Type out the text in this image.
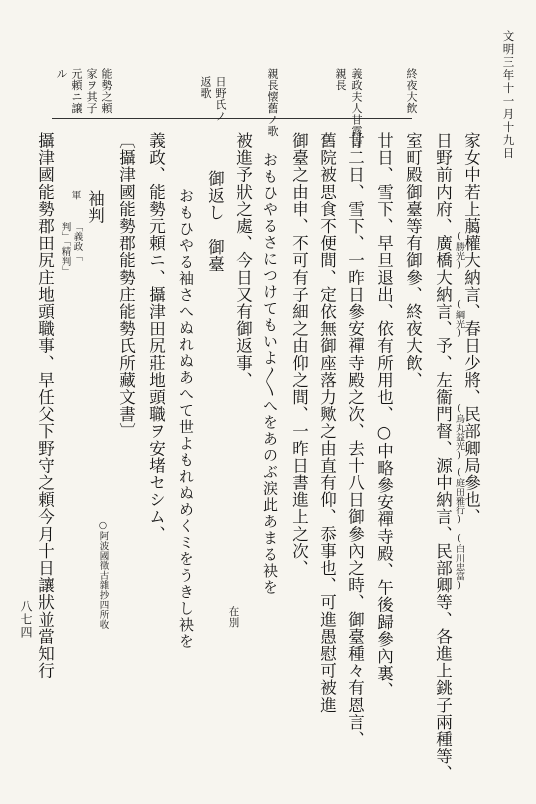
八七四
文明三年十一月十九日
終夜大飲
義政夫人甘露寺
親長
親長懐舊ノ歌
日野氏ノ
返歌
能勢之頼
家ヲ其子
元頼ニ譲
ル
家女中若上﨟權大納言、春日少將、民部卿局參也、
(勝光)
(綱光)
(烏丸益光)
(庭田雅行)
(白川忠富)
日野前内府、廣橋大納言、予、左衞門督、源中納言、民部卿等、各進上銚子兩種等、
室町殿御臺等有御參、終夜大飲、
廿日、雪下、早旦退出、依有所用也、○中略參安禪寺殿、午後歸參內裏、
廿二日、雪下、一昨日參安禪寺殿之次、去十八日御參內之時、御臺種々有恩言、
舊院被思食不便間、定依無御座落力歟之由直有仰、忝事也、可進愚慰可被進
御臺之由申、不可有子細之由仰之間、一昨日書進上之次、
おもひやるさにつけてもいよ〳〵へをあのぶ涙此あまる袂を
被進予狀之處、今日又有御返事、
在別
御返し　御臺
おもひやる袖さへぬれぬあへて世よもれぬめくミをうきし袂を
義政、能勢元頼ニ、攝津田尻莊地頭職ヲ安堵セシム、
〔攝津國能勢郡能勢庄能勢氏所藏文書〕
○阿波國徵古雜抄四所收
袖判
軍
「義政「
判」「精判」
攝津國能勢郡田尻庄地頭職事、早任父下野守之頼今月十日讓狀並當知行
